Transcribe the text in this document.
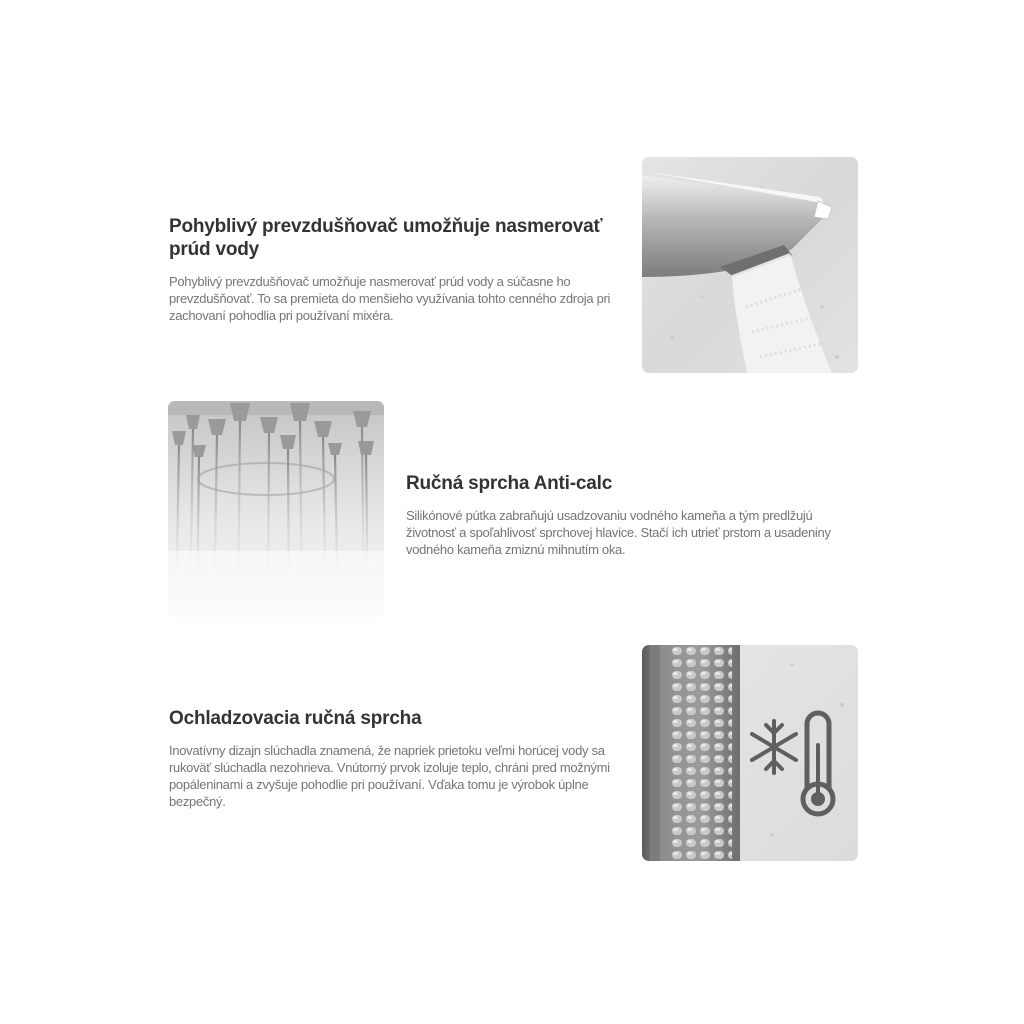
Pohyblivý prevzdušňovač umožňuje nasmerovať prúd vody

Pohyblivý prevzdušňovač umožňuje nasmerovať prúd vody a súčasne ho prevzdušňovať. To sa premieta do menšieho využívania tohto cenného zdroja pri zachovaní pohodlia pri používaní mixéra.

Ručná sprcha Anti-calc

Silikónové pútka zabraňujú usadzovaniu vodného kameňa a tým predlžujú životnosť a spoľahlivosť sprchovej hlavice. Stačí ich utrieť prstom a usadeniny vodného kameňa zmiznú mihnutím oka.

Ochladzovacia ručná sprcha

Inovatívny dizajn slúchadla znamená, že napriek prietoku veľmi horúcej vody sa rukoväť slúchadla nezohrieva. Vnútorný prvok izoluje teplo, chráni pred možnými popáleninami a zvyšuje pohodlie pri používaní. Vďaka tomu je výrobok úplne bezpečný.
